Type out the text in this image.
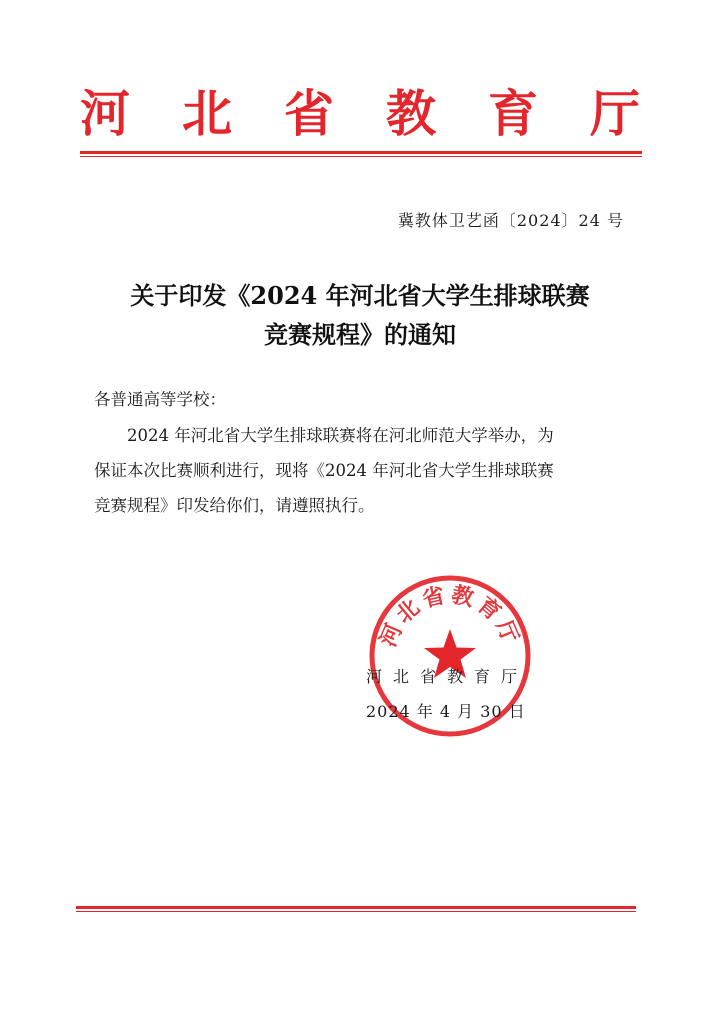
河 北 省 教 育 厅
冀教体卫艺函〔2024〕24 号
关于印发《2024 年河北省大学生排球联赛
竞赛规程》的通知
各普通高等学校：
　　2024 年河北省大学生排球联赛将在河北师范大学举办，为
保证本次比赛顺利进行，现将《2024 年河北省大学生排球联赛
竞赛规程》印发给你们，请遵照执行。
河北省教育厅
河北省教育厅
2024 年 4 月 30 日
